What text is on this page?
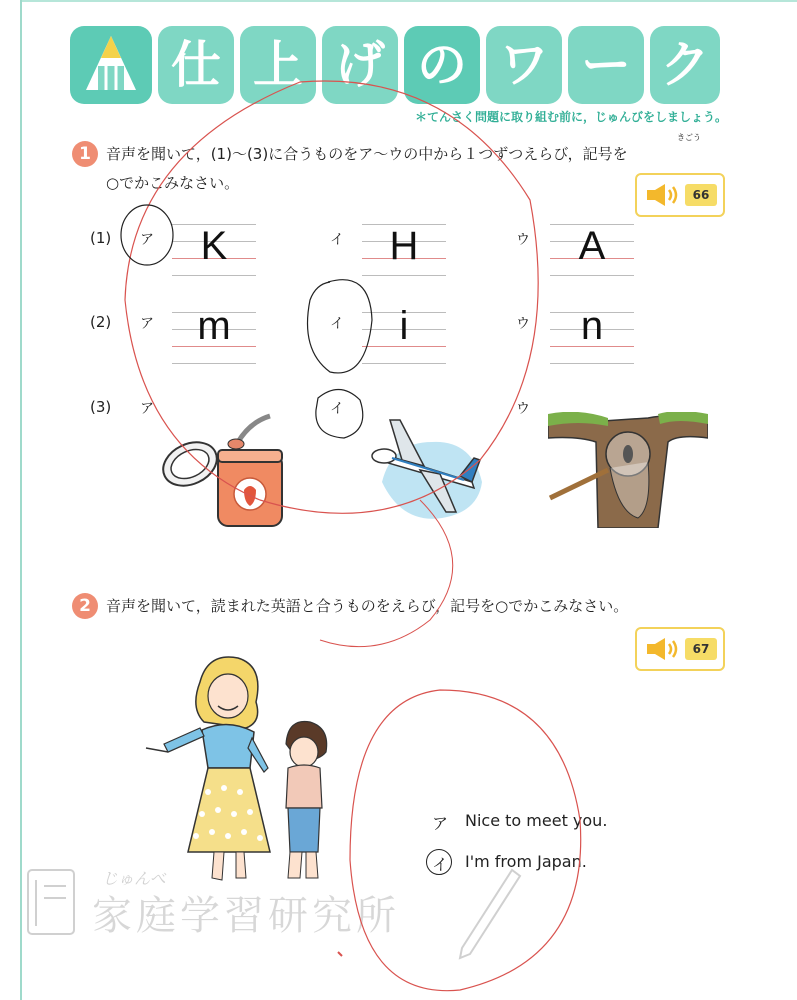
仕 上 げ の ワ ー ク
＊てんさく問題に取り組む前に，じゅんびをしましょう。
1
きごう
音声を聞いて，(1)～(3)に合うものをア～ウの中から１つずつえらび，記号を
○でかこみなさい。
66
(1) ア	K	イ	H	ウ	A
(2) ア	m	イ	i	ウ	n
(3) ア	イ	ウ
2	音声を聞いて，読まれた英語と合うものをえらび，記号を○でかこみなさい。
67
ア Nice to meet you.
イ I'm from Japan.
じゅんべ
家庭学習研究所
